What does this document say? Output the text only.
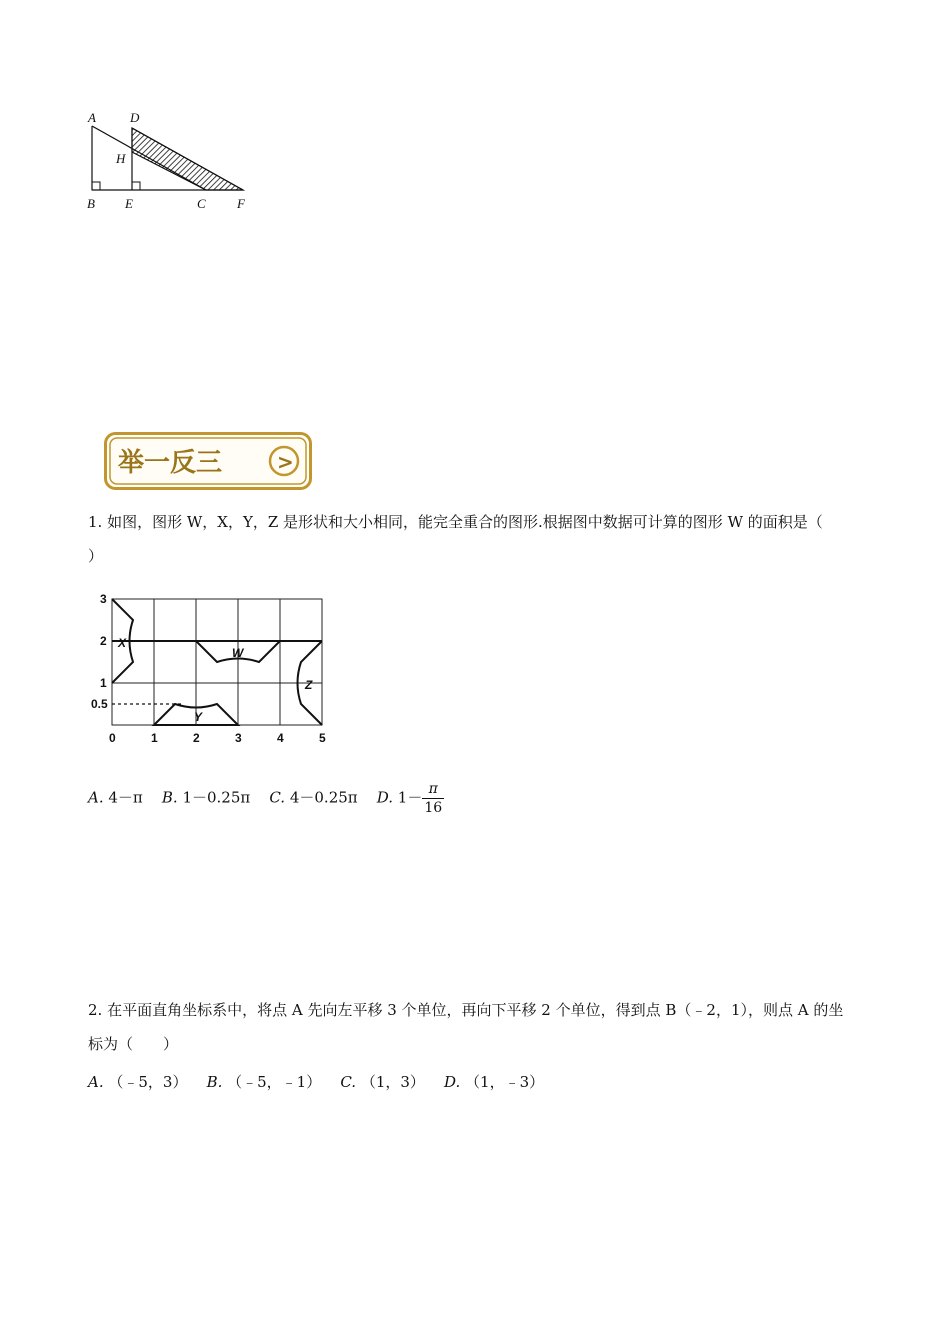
A	D
H
B E	C F
举一反三	>
1. 如图，图形 W，X，Y，Z 是形状和大小相同，能完全重合的图形.根据图中数据可计算的图形 W 的面积是（
）
X
W
Y
Z
3
2
1
0.5
0	1	2	3	4	5
A. 4－π B. 1－0.25π C. 4－0.25π D. $1- \frac{\pi}{16}$
2. 在平面直角坐标系中，将点 A 先向左平移 3 个单位，再向下平移 2 个单位，得到点 B（﹣2，1），则点 A 的坐
标为（　　）
A. （﹣5，3） B. （﹣5，﹣1） C. （1，3） D. （1，﹣3）
